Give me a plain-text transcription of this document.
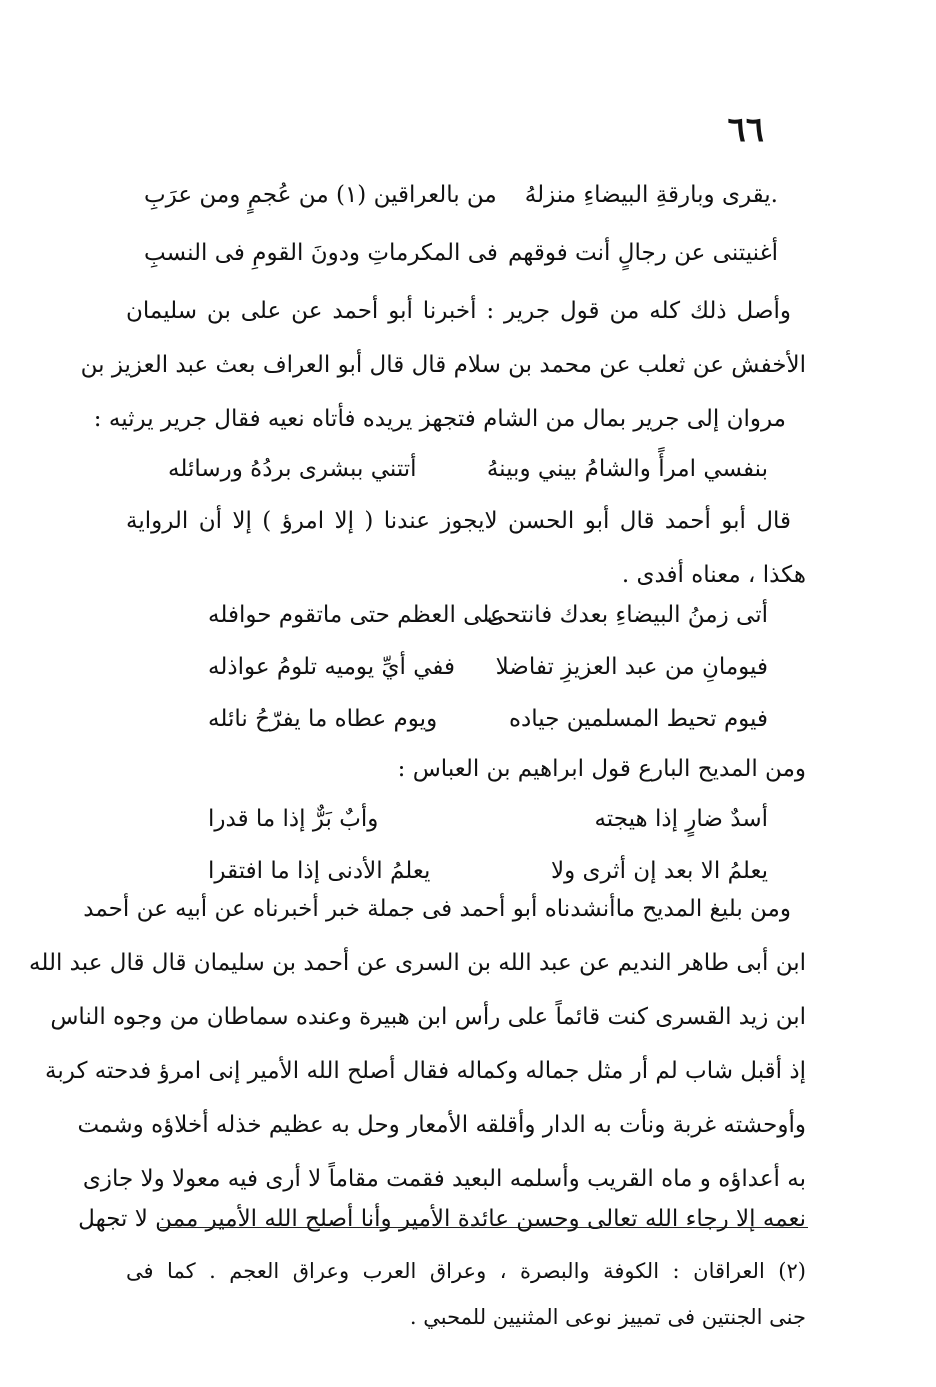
٦٦
.يقرى وبارقةِ البيضاءِ منزلهُ
من بالعراقين (١) من عُجمٍ ومن عرَبِ
أغنيتنى عن رجالٍ أنت فوقهم
فى المكرماتِ ودونَ القومِ فى النسبِ
وأصل ذلك كله من قول جرير : أخبرنا أبو أحمد عن على بن سليمان
الأخفش عن ثعلب عن محمد بن سلام قال قال أبو العراف بعث عبد العزيز بن
مروان إلى جرير بمال من الشام فتجهز يريده فأتاه نعيه فقال جرير يرثيه :
بنفسي امرأً والشامُ بيني وبينهُ
أتتني ببشرى بردُهُ ورسائله
قال أبو أحمد قال أبو الحسن لايجوز عندنا ( إلا امرؤ ) إلا أن الرواية
هكذا ، معناه أفدى .
أتى زمنُ البيضاءِ بعدك فانتحى
على العظم حتى ماتقوم حوافله
فيومانِ من عبد العزيزِ تفاضلا
ففي أيِّ يوميه تلومُ عواذله
فيوم تحيط المسلمين جياده
ويوم عطاه ما يفرّحُ نائله
ومن المديح البارع قول ابراهيم بن العباس :
أسدٌ ضارٍ إذا هيجته
وأبٌ بَرٌّ إذا ما قدرا
يعلمُ الا بعد إن أثرى ولا
يعلمُ الأدنى إذا ما افتقرا
ومن بليغ المديح ماأنشدناه أبو أحمد فى جملة خبر أخبرناه عن أبيه عن أحمد
ابن أبى طاهر النديم عن عبد الله بن السرى عن أحمد بن سليمان قال قال عبد الله
ابن زيد القسرى كنت قائماً على رأس ابن هبيرة وعنده سماطان من وجوه الناس
إذ أقبل شاب لم أر مثل جماله وكماله فقال أصلح الله الأمير إنى امرؤ فدحته كربة
وأوحشته غربة ونأت به الدار وأقلقه الأمعار وحل به عظيم خذله أخلاؤه وشمت
به أعداؤه و ماه القريب وأسلمه البعيد فقمت مقاماً لا أرى فيه معولا ولا جازى
نعمه إلا رجاء الله تعالى وحسن عائدة الأمير وأنا أصلح الله الأمير ممن لا تجهل
(٢) العراقان : الكوفة والبصرة ، وعراق العرب وعراق العجم . كما فى
جنى الجنتين فى تمييز نوعى المثنيين للمحبي .
